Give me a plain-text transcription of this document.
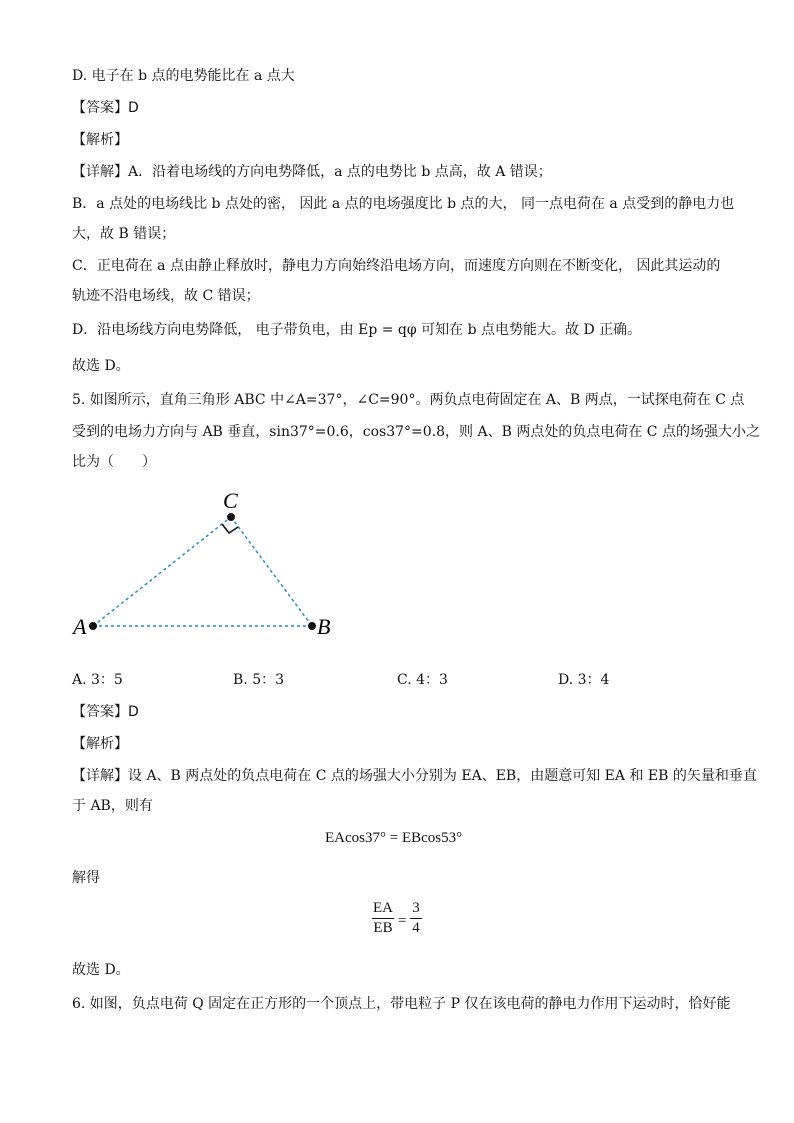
D. 电子在 b 点的电势能比在 a 点大
【答案】D
【解析】
【详解】A．沿着电场线的方向电势降低，a 点的电势比 b 点高，故 A 错误；
B．a 点处的电场线比 b 点处的密， 因此 a 点的电场强度比 b 点的大， 同一点电荷在 a 点受到的静电力也
大，故 B 错误；
C．正电荷在 a 点由静止释放时，静电力方向始终沿电场方向，而速度方向则在不断变化， 因此其运动的
轨迹不沿电场线，故 C 错误；
D．沿电场线方向电势降低， 电子带负电，由 Ep = qφ 可知在 b 点电势能大。故 D 正确。
故选 D。
5. 如图所示，直角三角形 ABC 中∠A=37°，∠C=90°。两负点电荷固定在 A、B 两点，一试探电荷在 C 点
受到的电场力方向与 AB 垂直，sin37°=0.6，cos37°=0.8，则 A、B 两点处的负点电荷在 C 点的场强大小之
比为（　　）
C
A	B
A. 3：5	B. 5：3	C. 4：3	D. 3：4
【答案】D
【解析】
【详解】设 A、B 两点处的负点电荷在 C 点的场强大小分别为 EA、EB，由题意可知 EA 和 EB 的矢量和垂直
于 AB，则有
EAcos37° = EBcos53°
解得
EA
EB =
3
4
故选 D。
6. 如图，负点电荷 Q 固定在正方形的一个顶点上，带电粒子 P 仅在该电荷的静电力作用下运动时，恰好能
